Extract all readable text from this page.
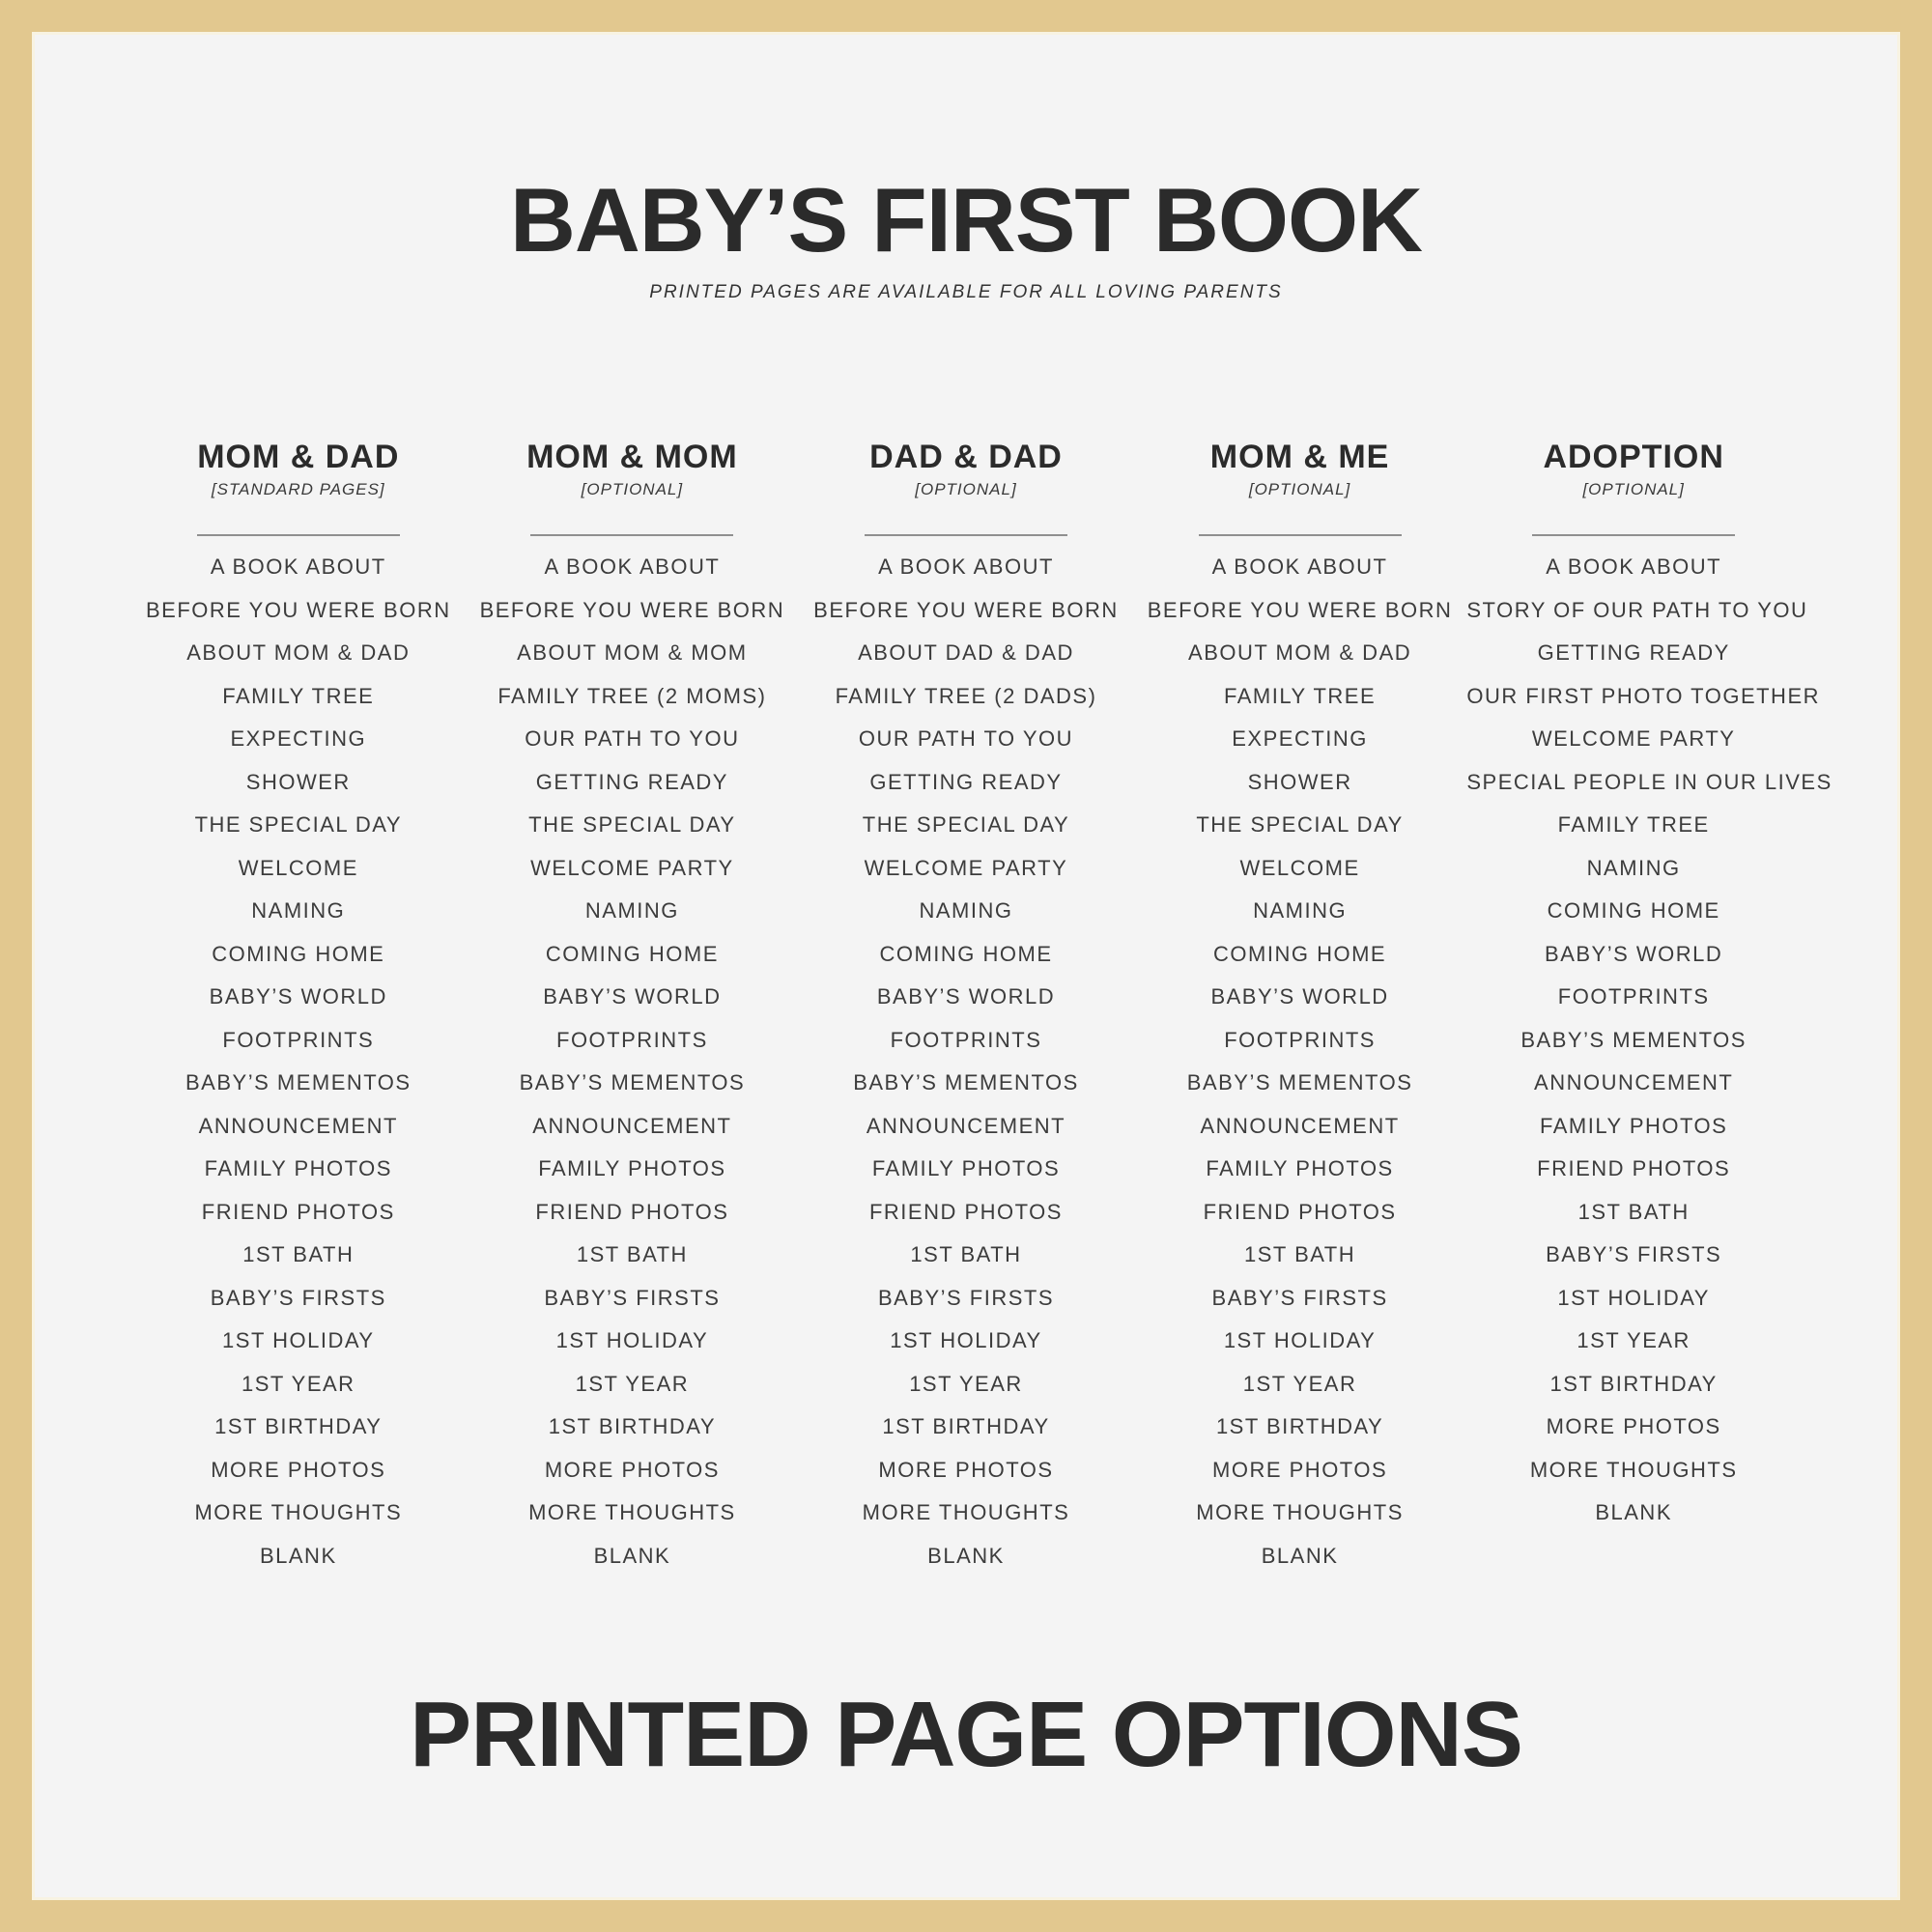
BABY’S FIRST BOOK
PRINTED PAGES ARE AVAILABLE FOR ALL LOVING PARENTS
MOM & DAD
[STANDARD PAGES]
A BOOK ABOUT
BEFORE YOU WERE BORN
ABOUT MOM & DAD
FAMILY TREE
EXPECTING
SHOWER
THE SPECIAL DAY
WELCOME
NAMING
COMING HOME
BABY’S WORLD
FOOTPRINTS
BABY’S MEMENTOS
ANNOUNCEMENT
FAMILY PHOTOS
FRIEND PHOTOS
1ST BATH
BABY’S FIRSTS
1ST HOLIDAY
1ST YEAR
1ST BIRTHDAY
MORE PHOTOS
MORE THOUGHTS
BLANK
MOM & MOM
[OPTIONAL]
A BOOK ABOUT
BEFORE YOU WERE BORN
ABOUT MOM & MOM
FAMILY TREE (2 MOMS)
OUR PATH TO YOU
GETTING READY
THE SPECIAL DAY
WELCOME PARTY
NAMING
COMING HOME
BABY’S WORLD
FOOTPRINTS
BABY’S MEMENTOS
ANNOUNCEMENT
FAMILY PHOTOS
FRIEND PHOTOS
1ST BATH
BABY’S FIRSTS
1ST HOLIDAY
1ST YEAR
1ST BIRTHDAY
MORE PHOTOS
MORE THOUGHTS
BLANK
DAD & DAD
[OPTIONAL]
A BOOK ABOUT
BEFORE YOU WERE BORN
ABOUT DAD & DAD
FAMILY TREE (2 DADS)
OUR PATH TO YOU
GETTING READY
THE SPECIAL DAY
WELCOME PARTY
NAMING
COMING HOME
BABY’S WORLD
FOOTPRINTS
BABY’S MEMENTOS
ANNOUNCEMENT
FAMILY PHOTOS
FRIEND PHOTOS
1ST BATH
BABY’S FIRSTS
1ST HOLIDAY
1ST YEAR
1ST BIRTHDAY
MORE PHOTOS
MORE THOUGHTS
BLANK
MOM & ME
[OPTIONAL]
A BOOK ABOUT
BEFORE YOU WERE BORN
ABOUT MOM & DAD
FAMILY TREE
EXPECTING
SHOWER
THE SPECIAL DAY
WELCOME
NAMING
COMING HOME
BABY’S WORLD
FOOTPRINTS
BABY’S MEMENTOS
ANNOUNCEMENT
FAMILY PHOTOS
FRIEND PHOTOS
1ST BATH
BABY’S FIRSTS
1ST HOLIDAY
1ST YEAR
1ST BIRTHDAY
MORE PHOTOS
MORE THOUGHTS
BLANK
ADOPTION
[OPTIONAL]
A BOOK ABOUT
STORY OF OUR PATH TO YOU
GETTING READY
OUR FIRST PHOTO TOGETHER
WELCOME PARTY
SPECIAL PEOPLE IN OUR LIVES
FAMILY TREE
NAMING
COMING HOME
BABY’S WORLD
FOOTPRINTS
BABY’S MEMENTOS
ANNOUNCEMENT
FAMILY PHOTOS
FRIEND PHOTOS
1ST BATH
BABY’S FIRSTS
1ST HOLIDAY
1ST YEAR
1ST BIRTHDAY
MORE PHOTOS
MORE THOUGHTS
BLANK
PRINTED PAGE OPTIONS
